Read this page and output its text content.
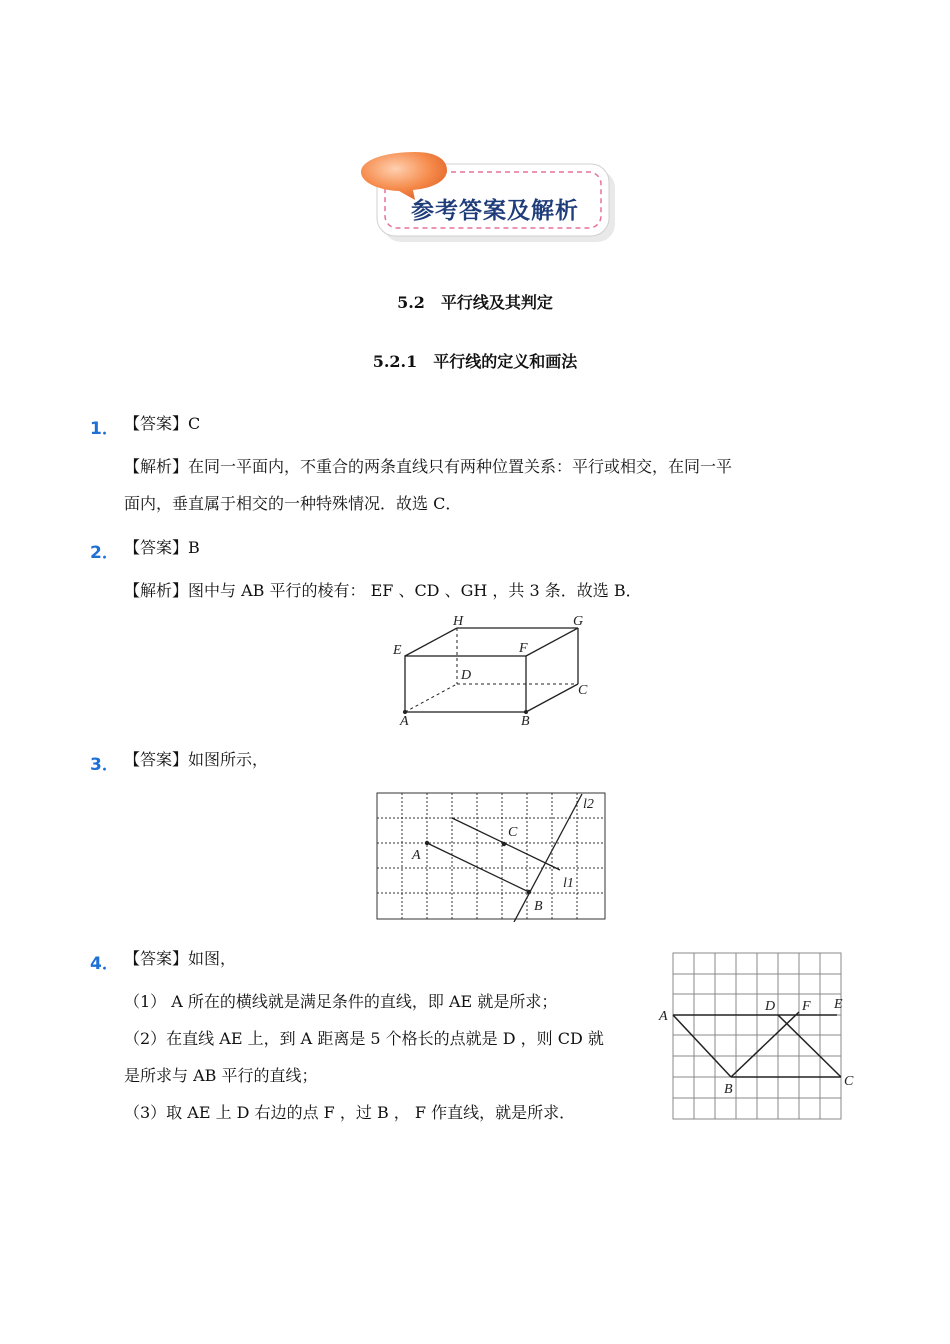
参考答案及解析
5.2　平行线及其判定
5.2.1　平行线的定义和画法
1． 【答案】C
【解析】在同一平面内，不重合的两条直线只有两种位置关系：平行或相交，在同一平
面内，垂直属于相交的一种特殊情况．故选 C．
2． 【答案】B
【解析】图中与 AB 平行的棱有： EF 、CD 、GH ，共 3 条．故选 B．
H	G
E	F
D
C
A	B
3． 【答案】如图所示，
l2
C
A
l1
B
4． 【答案】如图，
（1） A 所在的横线就是满足条件的直线，即 AE 就是所求；
（2）在直线 AE 上，到 A 距离是 5 个格长的点就是 D ，则 CD 就
是所求与 AB 平行的直线；
（3）取 AE 上 D 右边的点 F ，过 B ， F 作直线，就是所求．
A
D F E
B
C
